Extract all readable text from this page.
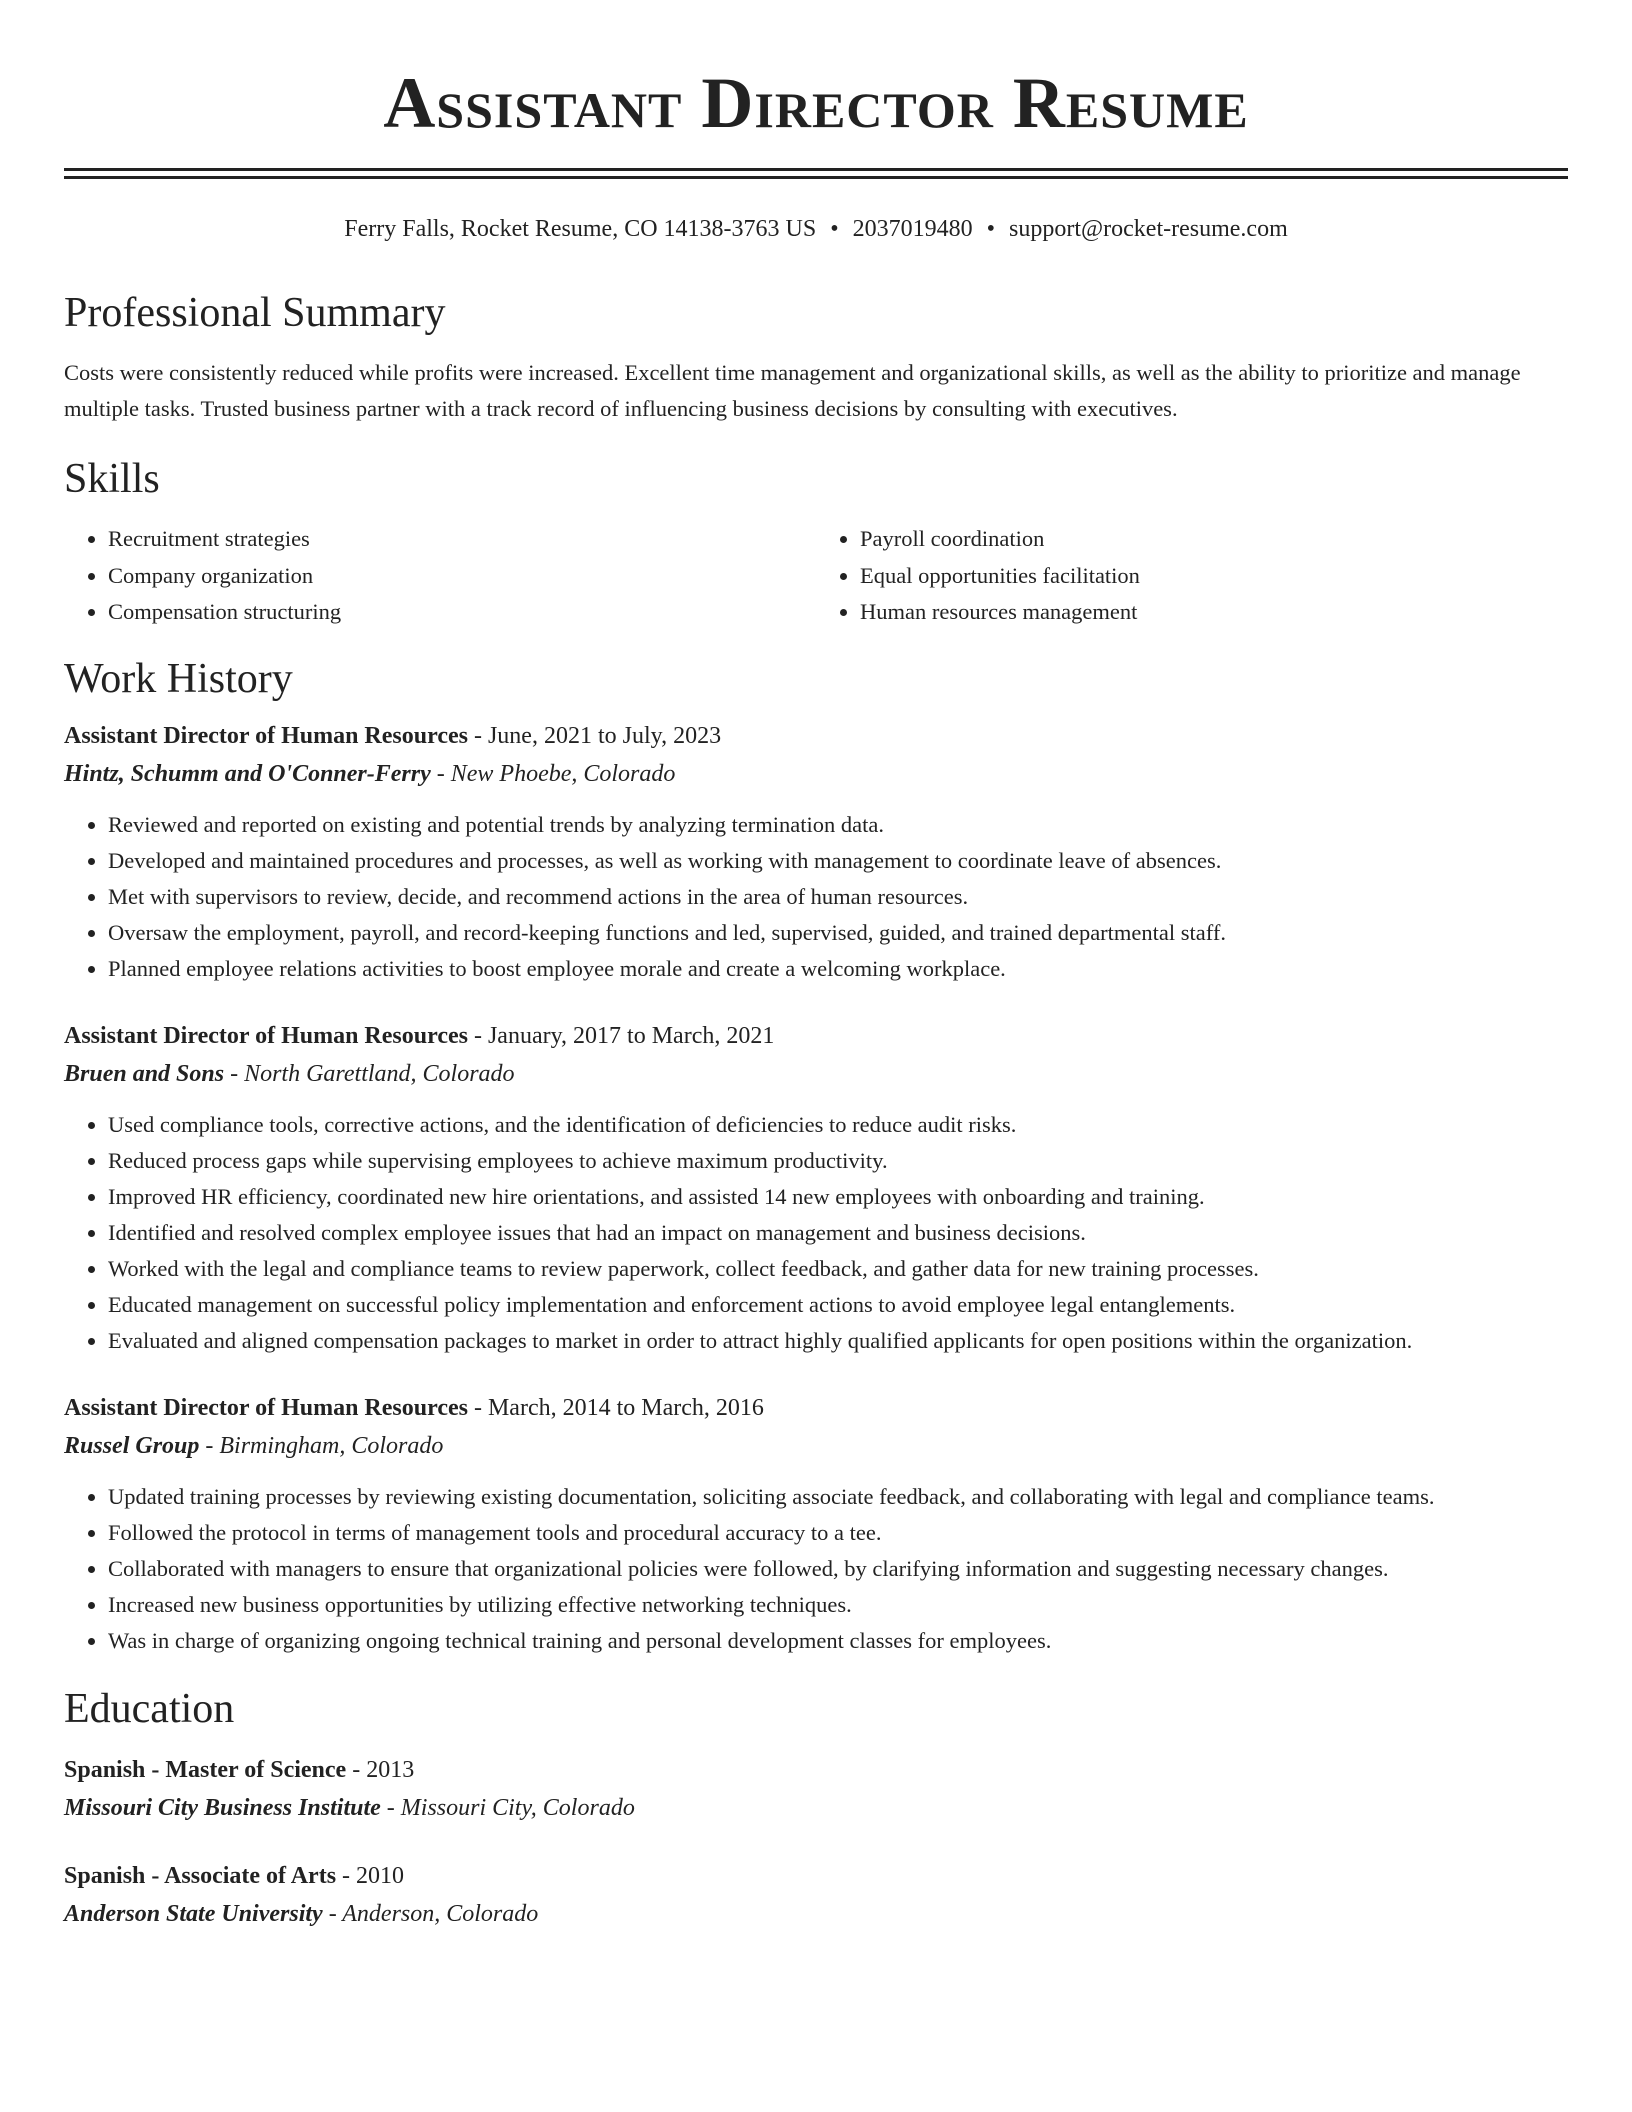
Assistant Director Resume
Ferry Falls, Rocket Resume, CO 14138-3763 US • 2037019480 • support@rocket-resume.com
Professional Summary
Costs were consistently reduced while profits were increased. Excellent time management and organizational skills, as well as the ability to prioritize and manage multiple tasks. Trusted business partner with a track record of influencing business decisions by consulting with executives.
Skills
• Recruitment strategies
• Company organization
• Compensation structuring
• Payroll coordination
• Equal opportunities facilitation
• Human resources management
Work History
Assistant Director of Human Resources - June, 2021 to July, 2023
Hintz, Schumm and O'Conner-Ferry - New Phoebe, Colorado
• Reviewed and reported on existing and potential trends by analyzing termination data.
• Developed and maintained procedures and processes, as well as working with management to coordinate leave of absences.
• Met with supervisors to review, decide, and recommend actions in the area of human resources.
• Oversaw the employment, payroll, and record-keeping functions and led, supervised, guided, and trained departmental staff.
• Planned employee relations activities to boost employee morale and create a welcoming workplace.
Assistant Director of Human Resources - January, 2017 to March, 2021
Bruen and Sons - North Garettland, Colorado
• Used compliance tools, corrective actions, and the identification of deficiencies to reduce audit risks.
• Reduced process gaps while supervising employees to achieve maximum productivity.
• Improved HR efficiency, coordinated new hire orientations, and assisted 14 new employees with onboarding and training.
• Identified and resolved complex employee issues that had an impact on management and business decisions.
• Worked with the legal and compliance teams to review paperwork, collect feedback, and gather data for new training processes.
• Educated management on successful policy implementation and enforcement actions to avoid employee legal entanglements.
• Evaluated and aligned compensation packages to market in order to attract highly qualified applicants for open positions within the organization.
Assistant Director of Human Resources - March, 2014 to March, 2016
Russel Group - Birmingham, Colorado
• Updated training processes by reviewing existing documentation, soliciting associate feedback, and collaborating with legal and compliance teams.
• Followed the protocol in terms of management tools and procedural accuracy to a tee.
• Collaborated with managers to ensure that organizational policies were followed, by clarifying information and suggesting necessary changes.
• Increased new business opportunities by utilizing effective networking techniques.
• Was in charge of organizing ongoing technical training and personal development classes for employees.
Education
Spanish - Master of Science - 2013
Missouri City Business Institute - Missouri City, Colorado
Spanish - Associate of Arts - 2010
Anderson State University - Anderson, Colorado
